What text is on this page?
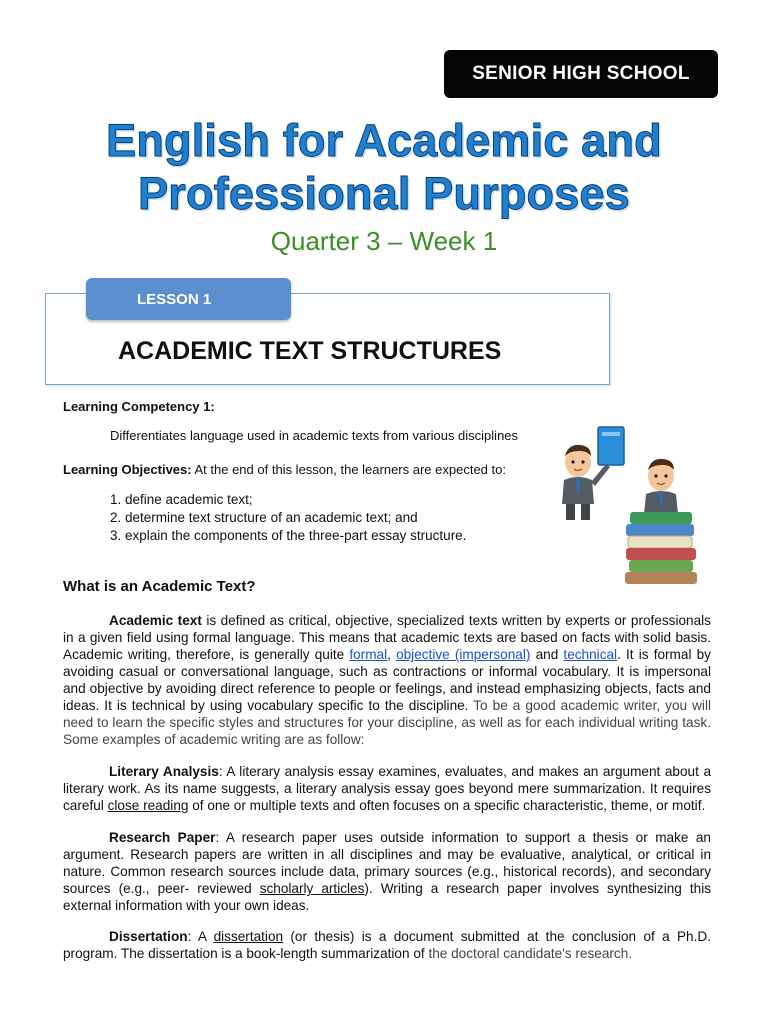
SENIOR HIGH SCHOOL
English for Academic and
Professional Purposes
Quarter 3 – Week 1
LESSON 1
ACADEMIC TEXT STRUCTURES
Learning Competency 1:
Differentiates language used in academic texts from various disciplines
Learning Objectives: At the end of this lesson, the learners are expected to:
1. define academic text;
2. determine text structure of an academic text; and
3. explain the components of the three-part essay structure.
What is an Academic Text?
Academic text is defined as critical, objective, specialized texts written by experts or professionals in a given field using formal language. This means that academic texts are based on facts with solid basis. Academic writing, therefore, is generally quite formal, objective (impersonal) and technical. It is formal by avoiding casual or conversational language, such as contractions or informal vocabulary. It is impersonal and objective by avoiding direct reference to people or feelings, and instead emphasizing objects, facts and ideas. It is technical by using vocabulary specific to the discipline. To be a good academic writer, you will need to learn the specific styles and structures for your discipline, as well as for each individual writing task. Some examples of academic writing are as follow:
Literary Analysis: A literary analysis essay examines, evaluates, and makes an argument about a literary work. As its name suggests, a literary analysis essay goes beyond mere summarization. It requires careful close reading of one or multiple texts and often focuses on a specific characteristic, theme, or motif.
Research Paper: A research paper uses outside information to support a thesis or make an argument. Research papers are written in all disciplines and may be evaluative, analytical, or critical in nature. Common research sources include data, primary sources (e.g., historical records), and secondary sources (e.g., peer- reviewed scholarly articles). Writing a research paper involves synthesizing this external information with your own ideas.
Dissertation: A dissertation (or thesis) is a document submitted at the conclusion of a Ph.D. program. The dissertation is a book-length summarization of the doctoral candidate's research.
